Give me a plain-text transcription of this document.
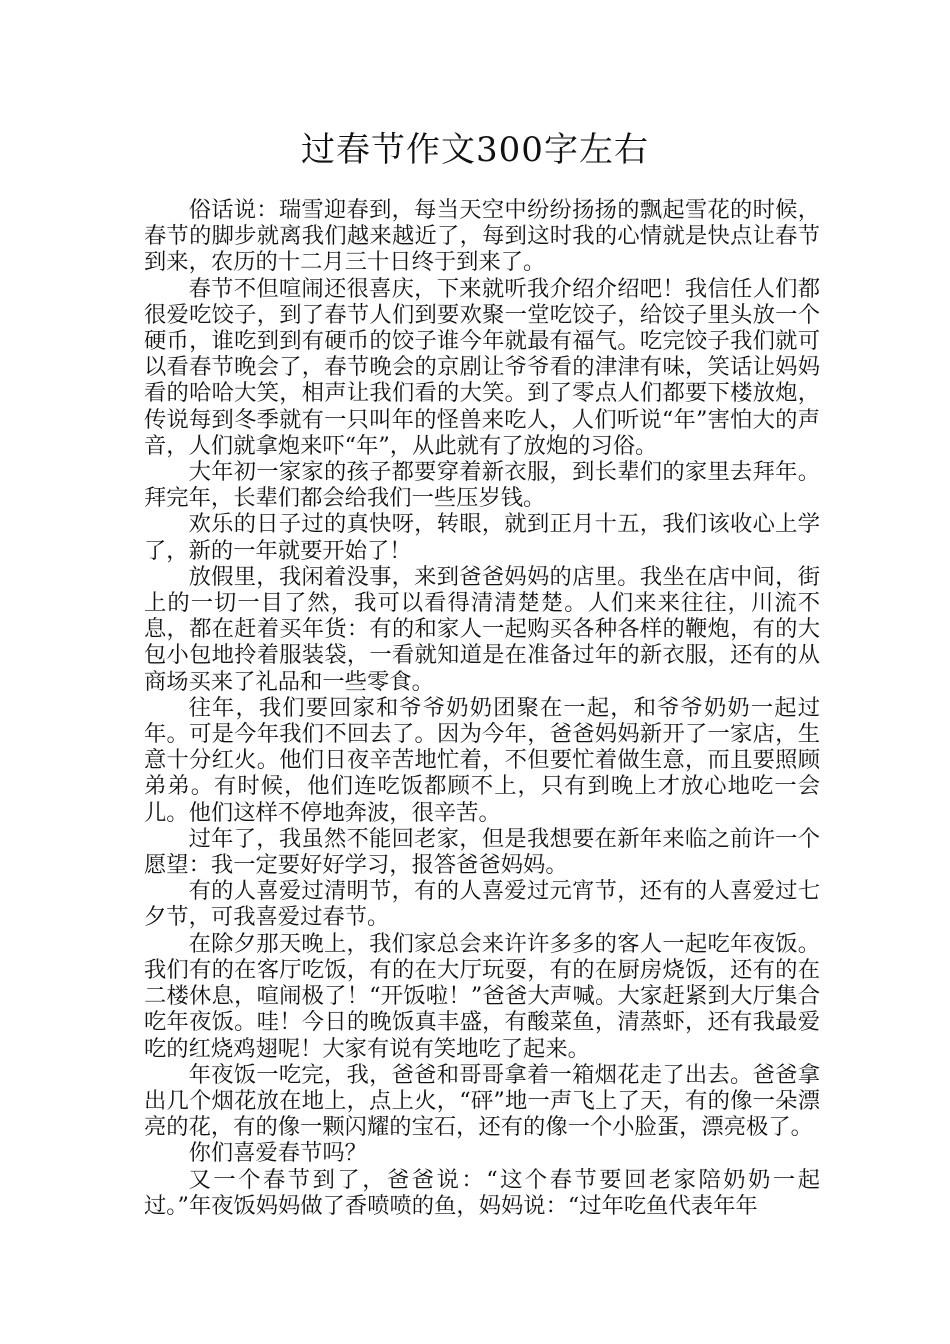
过春节作文300字左右

俗话说：瑞雪迎春到，每当天空中纷纷扬扬的飘起雪花的时候，春节的脚步就离我们越来越近了，每到这时我的心情就是快点让春节到来，农历的十二月三十日终于到来了。

春节不但喧闹还很喜庆，下来就听我介绍介绍吧！我信任人们都很爱吃饺子，到了春节人们到要欢聚一堂吃饺子，给饺子里头放一个硬币，谁吃到到有硬币的饺子谁今年就最有福气。吃完饺子我们就可以看春节晚会了，春节晚会的京剧让爷爷看的津津有味，笑话让妈妈看的哈哈大笑，相声让我们看的大笑。到了零点人们都要下楼放炮，传说每到冬季就有一只叫年的怪兽来吃人，人们听说“年”害怕大的声音，人们就拿炮来吓“年”，从此就有了放炮的习俗。

大年初一家家的孩子都要穿着新衣服，到长辈们的家里去拜年。拜完年，长辈们都会给我们一些压岁钱。

欢乐的日子过的真快呀，转眼，就到正月十五，我们该收心上学了，新的一年就要开始了！

放假里，我闲着没事，来到爸爸妈妈的店里。我坐在店中间，街上的一切一目了然，我可以看得清清楚楚。人们来来往往，川流不息，都在赶着买年货：有的和家人一起购买各种各样的鞭炮，有的大包小包地拎着服装袋，一看就知道是在准备过年的新衣服，还有的从商场买来了礼品和一些零食。

往年，我们要回家和爷爷奶奶团聚在一起，和爷爷奶奶一起过年。可是今年我们不回去了。因为今年，爸爸妈妈新开了一家店，生意十分红火。他们日夜辛苦地忙着，不但要忙着做生意，而且要照顾弟弟。有时候，他们连吃饭都顾不上，只有到晚上才放心地吃一会儿。他们这样不停地奔波，很辛苦。

过年了，我虽然不能回老家，但是我想要在新年来临之前许一个愿望：我一定要好好学习，报答爸爸妈妈。

有的人喜爱过清明节，有的人喜爱过元宵节，还有的人喜爱过七夕节，可我喜爱过春节。

在除夕那天晚上，我们家总会来许许多多的客人一起吃年夜饭。我们有的在客厅吃饭，有的在大厅玩耍，有的在厨房烧饭，还有的在二楼休息，喧闹极了！“开饭啦！”爸爸大声喊。大家赶紧到大厅集合吃年夜饭。哇！今日的晚饭真丰盛，有酸菜鱼，清蒸虾，还有我最爱吃的红烧鸡翅呢！大家有说有笑地吃了起来。

年夜饭一吃完，我，爸爸和哥哥拿着一箱烟花走了出去。爸爸拿出几个烟花放在地上，点上火，“砰”地一声飞上了天，有的像一朵漂亮的花，有的像一颗闪耀的宝石，还有的像一个小脸蛋，漂亮极了。

你们喜爱春节吗？

又一个春节到了，爸爸说：“这个春节要回老家陪奶奶一起过。”年夜饭妈妈做了香喷喷的鱼，妈妈说：“过年吃鱼代表年年
